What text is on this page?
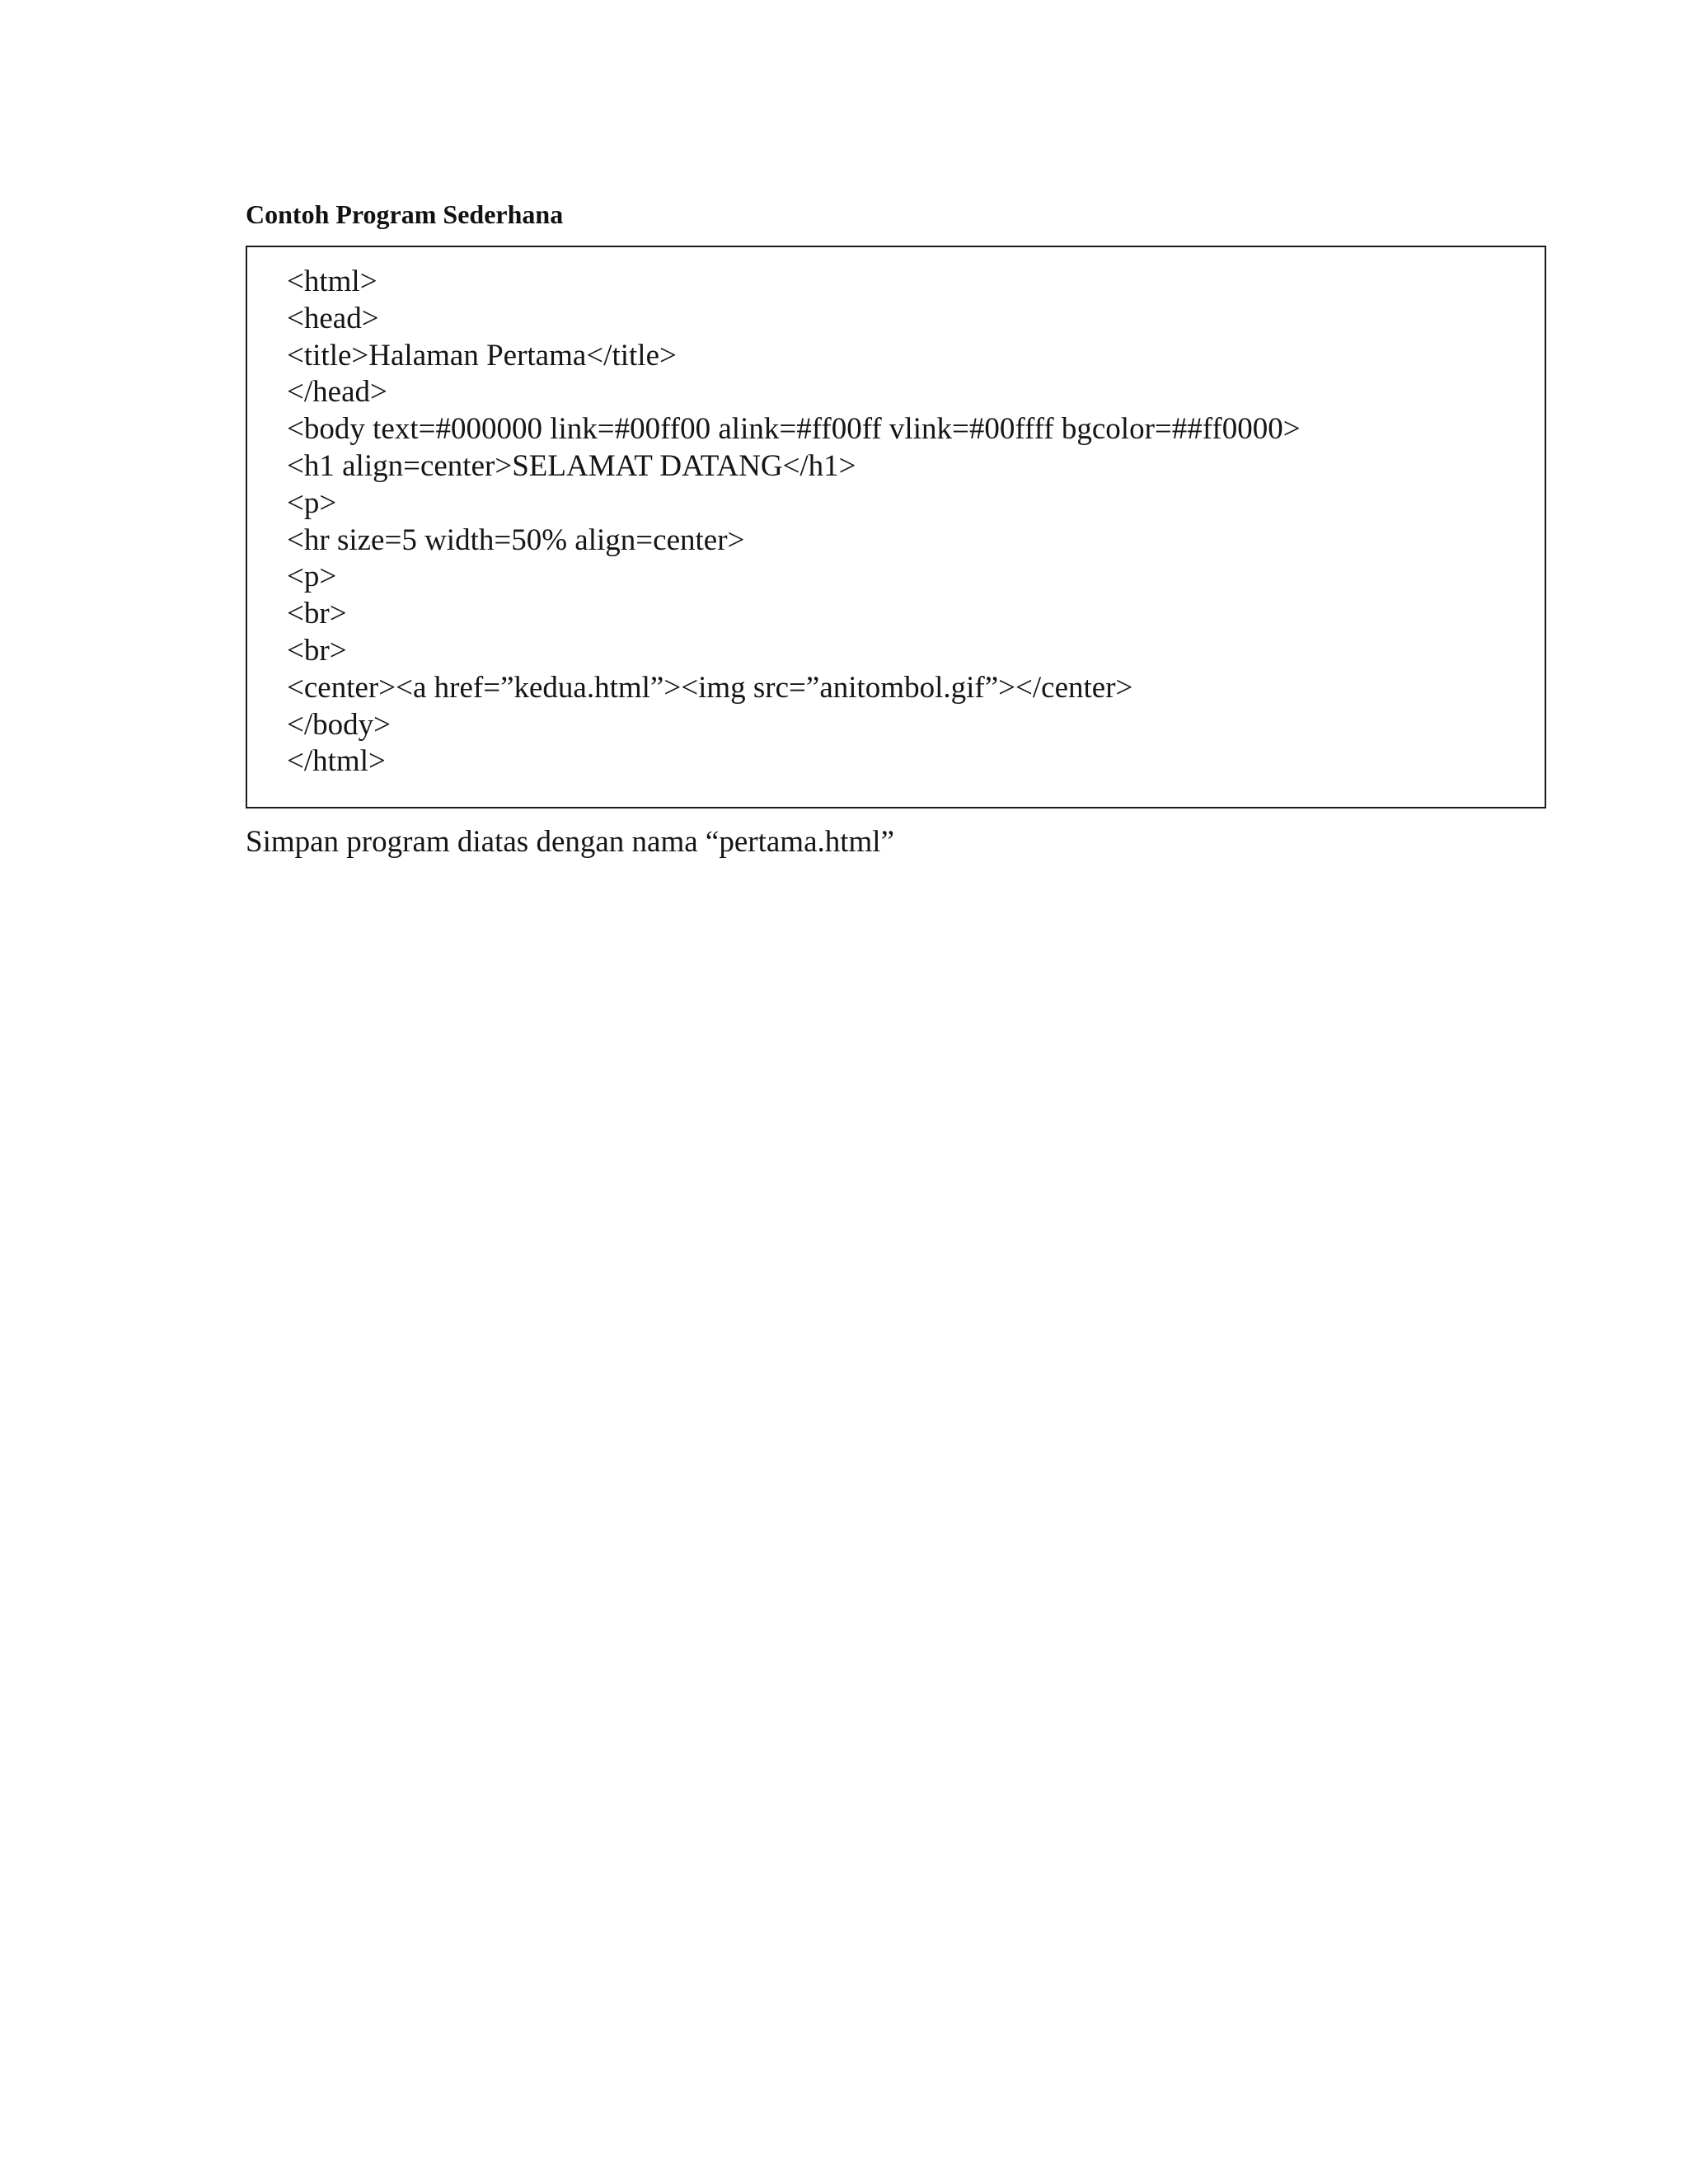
Contoh Program Sederhana
<html>
<head>
<title>Halaman Pertama</title>
</head>
<body text=#000000 link=#00ff00 alink=#ff00ff vlink=#00ffff bgcolor=##ff0000>
<h1 align=center>SELAMAT DATANG</h1>
<p>
<hr size=5 width=50% align=center>
<p>
<br>
<br>
<center><a href=”kedua.html”><img src=”anitombol.gif”></center>
</body>
</html>
Simpan program diatas dengan nama “pertama.html”
